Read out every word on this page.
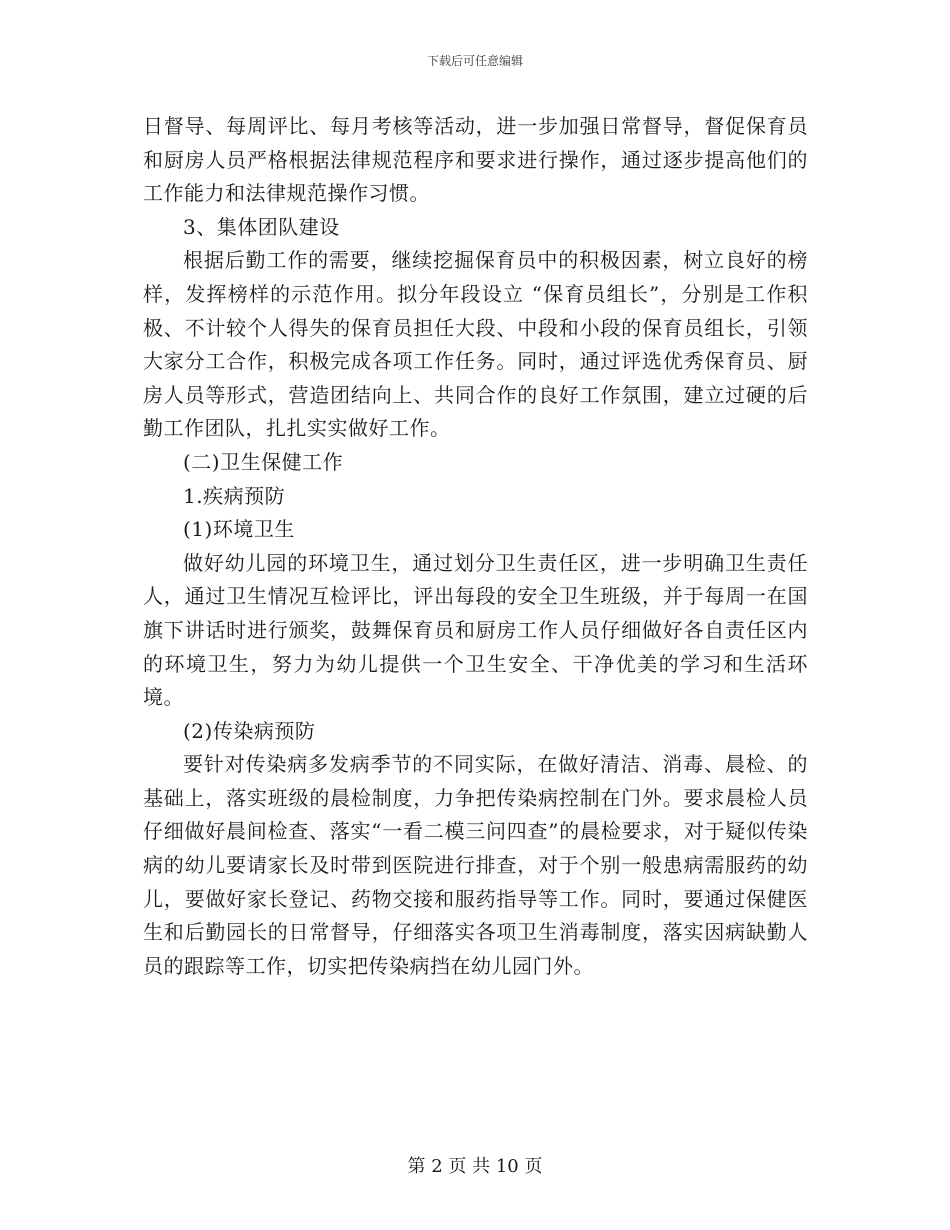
下载后可任意编辑

日督导、每周评比、每月考核等活动，进一步加强日常督导，督促保育员和厨房人员严格根据法律规范程序和要求进行操作，通过逐步提高他们的工作能力和法律规范操作习惯。

3、集体团队建设

根据后勤工作的需要，继续挖掘保育员中的积极因素，树立良好的榜样，发挥榜样的示范作用。拟分年段设立 “保育员组长”，分别是工作积极、不计较个人得失的保育员担任大段、中段和小段的保育员组长，引领大家分工合作，积极完成各项工作任务。同时，通过评选优秀保育员、厨房人员等形式，营造团结向上、共同合作的良好工作氛围，建立过硬的后勤工作团队，扎扎实实做好工作。

(二)卫生保健工作

1.疾病预防

(1)环境卫生

做好幼儿园的环境卫生，通过划分卫生责任区，进一步明确卫生责任人，通过卫生情况互检评比，评出每段的安全卫生班级，并于每周一在国旗下讲话时进行颁奖，鼓舞保育员和厨房工作人员仔细做好各自责任区内的环境卫生，努力为幼儿提供一个卫生安全、干净优美的学习和生活环境。

(2)传染病预防

要针对传染病多发病季节的不同实际，在做好清洁、消毒、晨检、的基础上，落实班级的晨检制度，力争把传染病控制在门外。要求晨检人员仔细做好晨间检查、落实“一看二模三问四查”的晨检要求，对于疑似传染病的幼儿要请家长及时带到医院进行排查，对于个别一般患病需服药的幼儿，要做好家长登记、药物交接和服药指导等工作。同时，要通过保健医生和后勤园长的日常督导，仔细落实各项卫生消毒制度，落实因病缺勤人员的跟踪等工作，切实把传染病挡在幼儿园门外。

第 2 页 共 10 页
